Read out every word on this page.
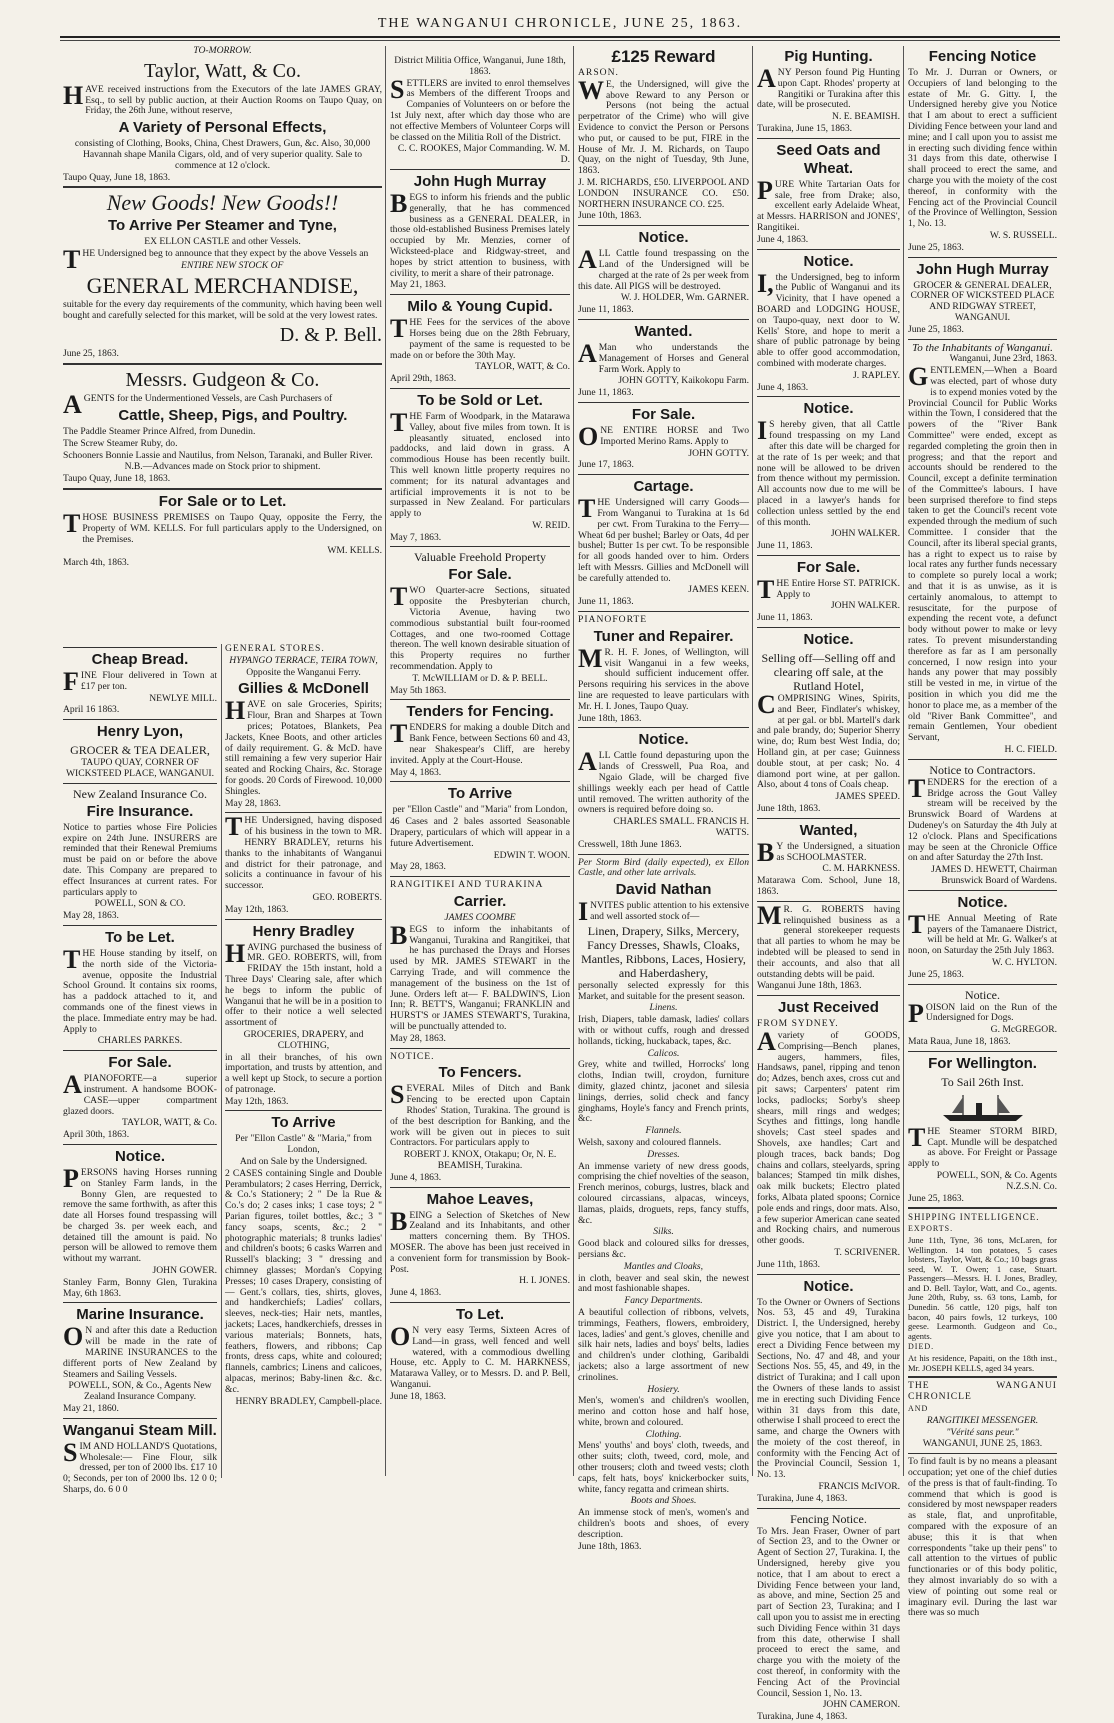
THE WANGANUI CHRONICLE, JUNE 25, 1863.

TO-MORROW.

Taylor, Watt, & Co.

HAVE received instructions from the Executors of the late JAMES GRAY, Esq., to sell by public auction, at their Auction Rooms on Taupo Quay, on Friday, the 26th June, without reserve,

A Variety of Personal Effects,

consisting of Clothing, Books, China, Chest Drawers, Gun, &c. Also, 30,000 Havannah shape Manila Cigars, old, and of very superior quality. Sale to commence at 12 o'clock.

Taupo Quay, June 18, 1863.

New Goods! New Goods!!
To Arrive Per Steamer and Tyne,

EX ELLON CASTLE and other Vessels.

THE Undersigned beg to announce that they expect by the above Vessels an

ENTIRE NEW STOCK OF

GENERAL MERCHANDISE,

suitable for the every day requirements of the community, which having been well bought and carefully selected for this market, will be sold at the very lowest rates.

D. & P. Bell.

June 25, 1863.

Messrs. Gudgeon & Co.

AGENTS for the Undermentioned Vessels, are Cash Purchasers of

Cattle, Sheep, Pigs, and Poultry.

The Paddle Steamer Prince Alfred, from Dunedin.

The Screw Steamer Ruby, do.

Schooners Bonnie Lassie and Nautilus, from Nelson, Taranaki, and Buller River.

N.B.—Advances made on Stock prior to shipment.

Taupo Quay, June 18, 1863.

For Sale or to Let.

THOSE BUSINESS PREMISES on Taupo Quay, opposite the Ferry, the Property of WM. KELLS. For full particulars apply to the Undersigned, on the Premises.

WM. KELLS.

March 4th, 1863.

Cheap Bread.

FINE Flour delivered in Town at £17 per ton.

NEWLYE MILL.

April 16 1863.

Henry Lyon,
GROCER & TEA DEALER,

TAUPO QUAY, CORNER OF WICKSTEED PLACE, WANGANUI.

New Zealand Insurance Co.
Fire Insurance.

Notice to parties whose Fire Policies expire on 24th June. INSURERS are reminded that their Renewal Premiums must be paid on or before the above date. This Company are prepared to effect Insurances at current rates. For particulars apply to

POWELL, SON & CO.

May 28, 1863.

To be Let.

THE House standing by itself, on the north side of the Victoria-avenue, opposite the Industrial School Ground. It contains six rooms, has a paddock attached to it, and commands one of the finest views in the place. Immediate entry may be had. Apply to

CHARLES PARKES.

For Sale.

APIANOFORTE—a superior instrument. A handsome BOOK-CASE—upper compartment glazed doors.

TAYLOR, WATT, & Co.

April 30th, 1863.

Notice.

PERSONS having Horses running on Stanley Farm lands, in the Bonny Glen, are requested to remove the same forthwith, as after this date all Horses found trespassing will be charged 3s. per week each, and detained till the amount is paid. No person will be allowed to remove them without my warrant.

JOHN GOWER.

Stanley Farm, Bonny Glen, Turakina May, 6th 1863.

Marine Insurance.

ON and after this date a Reduction will be made in the rate of MARINE INSURANCES to the different ports of New Zealand by Steamers and Sailing Vessels.

POWELL, SON, & Co., Agents New Zealand Insurance Company.

May 21, 1860.

Wanganui Steam Mill.

SIM AND HOLLAND'S Quotations, Wholesale:— Fine Flour, silk dressed, per ton of 2000 lbs. £17 10 0; Seconds, per ton of 2000 lbs. 12 0 0; Sharps, do. 6 0 0

GENERAL STORES.

HYPANGO TERRACE, TEIRA TOWN,

Opposite the Wanganui Ferry.

Gillies & McDonell

HAVE on sale Groceries, Spirits; Flour, Bran and Sharpes at Town prices; Potatoes, Blankets, Pea Jackets, Knee Boots, and other articles of daily requirement. G. & McD. have still remaining a few very superior Hair seated and Rocking Chairs, &c. Storage for goods. 20 Cords of Firewood. 10,000 Shingles.

May 28, 1863.

THE Undersigned, having disposed of his business in the town to MR. HENRY BRADLEY, returns his thanks to the inhabitants of Wanganui and district for their patronage, and solicits a continuance in favour of his successor.

GEO. ROBERTS.

May 12th, 1863.

Henry Bradley

HAVING purchased the business of MR. GEO. ROBERTS, will, from FRIDAY the 15th instant, hold a Three Days' Clearing sale, after which he begs to inform the public of Wanganui that he will be in a position to offer to their notice a well selected assortment of

GROCERIES, DRAPERY, and CLOTHING,

in all their branches, of his own importation, and trusts by attention, and a well kept up Stock, to secure a portion of patronage.

May 12th, 1863.

To Arrive

Per "Ellon Castle" & "Maria," from London,

And on Sale by the Undersigned.

2 CASES containing Single and Double Perambulators; 2 cases Herring, Derrick, & Co.'s Stationery; 2 " De la Rue & Co.'s do; 2 cases inks; 1 case toys; 2 " Parian figures, toilet bottles, &c.; 3 " fancy soaps, scents, &c.; 2 " photographic materials; 8 trunks ladies' and children's boots; 6 casks Warren and Russell's blacking; 3 " dressing and chimney glasses; Mordan's Copying Presses; 10 cases Drapery, consisting of— Gent.'s collars, ties, shirts, gloves, and handkerchiefs; Ladies' collars, sleeves, neck-ties; Hair nets, mantles, jackets; Laces, handkerchiefs, dresses in various materials; Bonnets, hats, feathers, flowers, and ribbons; Cap fronts, dress caps, white and coloured; flannels, cambrics; Linens and calicoes, alpacas, merinos; Baby-linen &c. &c. &c.

HENRY BRADLEY, Campbell-place.

District Militia Office, Wanganui, June 18th, 1863.

SETTLERS are invited to enrol themselves as Members of the different Troops and Companies of Volunteers on or before the 1st July next, after which day those who are not effective Members of Volunteer Corps will be classed on the Militia Roll of the District.

C. C. ROOKES, Major Commanding. W. M. D.

John Hugh Murray

BEGS to inform his friends and the public generally, that he has commenced business as a GENERAL DEALER, in those old-established Business Premises lately occupied by Mr. Menzies, corner of Wicksteed-place and Ridgway-street, and hopes by strict attention to business, with civility, to merit a share of their patronage.

May 21, 1863.

Milo & Young Cupid.

THE Fees for the services of the above Horses being due on the 28th February, payment of the same is requested to be made on or before the 30th May.

TAYLOR, WATT, & Co.

April 29th, 1863.

To be Sold or Let.

THE Farm of Woodpark, in the Matarawa Valley, about five miles from town. It is pleasantly situated, enclosed into paddocks, and laid down in grass. A commodious House has been recently built. This well known little property requires no comment; for its natural advantages and artificial improvements it is not to be surpassed in New Zealand. For particulars apply to

W. REID.

May 7, 1863.

Valuable Freehold Property
For Sale.

TWO Quarter-acre Sections, situated opposite the Presbyterian church, Victoria Avenue, having two commodious substantial built four-roomed Cottages, and one two-roomed Cottage thereon. The well known desirable situation of this Property requires no further recommendation. Apply to

T. McWILLIAM or D. & P. BELL.

May 5th 1863.

Tenders for Fencing.

TENDERS for making a double Ditch and Bank Fence, between Sections 60 and 43, near Shakespear's Cliff, are hereby invited. Apply at the Court-House.

May 4, 1863.

To Arrive

per "Ellon Castle" and "Maria" from London,

46 Cases and 2 bales assorted Seasonable Drapery, particulars of which will appear in a future Advertisement.

EDWIN T. WOON.

May 28, 1863.

RANGITIKEI AND TURAKINA

Carrier.

JAMES COOMBE

BEGS to inform the inhabitants of Wanganui, Turakina and Rangitikei, that he has purchased the Drays and Horses used by MR. JAMES STEWART in the Carrying Trade, and will commence the management of the business on the 1st of June. Orders left at— F. BALDWIN'S, Lion Inn; R. BETT'S, Wanganui; FRANKLIN and HURST'S or JAMES STEWART'S, Turakina, will be punctually attended to.

May 28, 1863.

NOTICE.

To Fencers.

SEVERAL Miles of Ditch and Bank Fencing to be erected upon Captain Rhodes' Station, Turakina. The ground is of the best description for Banking, and the work will be given out in pieces to suit Contractors. For particulars apply to

ROBERT J. KNOX, Otakapu; Or, N. E. BEAMISH, Turakina.

June 4, 1863.

Mahoe Leaves,

BEING a Selection of Sketches of New Zealand and its Inhabitants, and other matters concerning them. By THOS. MOSER. The above has been just received in a convenient form for transmission by Book-Post.

H. I. JONES.

June 4, 1863.

To Let.

ON very easy Terms, Sixteen Acres of Land—in grass, well fenced and well watered, with a commodious dwelling House, etc. Apply to C. M. HARKNESS, Matarawa Valley, or to Messrs. D. and P. Bell, Wanganui.

June 18, 1863.

£125 Reward

ARSON.

WE, the Undersigned, will give the above Reward to any Person or Persons (not being the actual perpetrator of the Crime) who will give Evidence to convict the Person or Persons who put, or caused to be put, FIRE in the House of Mr. J. M. Richards, on Taupo Quay, on the night of Tuesday, 9th June, 1863.

J. M. RICHARDS, £50. LIVERPOOL AND LONDON INSURANCE CO. £50. NORTHERN INSURANCE CO. £25.

June 10th, 1863.

Notice.

ALL Cattle found trespassing on the Land of the Undersigned will be charged at the rate of 2s per week from this date. All PIGS will be destroyed.

W. J. HOLDER, Wm. GARNER.

June 11, 1863.

Wanted.

AMan who understands the Management of Horses and General Farm Work. Apply to

JOHN GOTTY, Kaikokopu Farm.

June 11, 1863.

For Sale.

ONE ENTIRE HORSE and Two Imported Merino Rams. Apply to

JOHN GOTTY.

June 17, 1863.

Cartage.

THE Undersigned will carry Goods—From Wanganui to Turakina at 1s 6d per cwt. From Turakina to the Ferry—Wheat 6d per bushel; Barley or Oats, 4d per bushel; Butter 1s per cwt. To be responsible for all goods handed over to him. Orders left with Messrs. Gillies and McDonell will be carefully attended to.

JAMES KEEN.

June 11, 1863.

PIANOFORTE

Tuner and Repairer.

MR. H. F. Jones, of Wellington, will visit Wanganui in a few weeks, should sufficient inducement offer. Persons requiring his services in the above line are requested to leave particulars with Mr. H. I. Jones, Taupo Quay.

June 18th, 1863.

Notice.

ALL Cattle found depasturing upon the lands of Cresswell, Pua Roa, and Ngaio Glade, will be charged five shillings weekly each per head of Cattle until removed. The written authority of the owners is required before doing so.

CHARLES SMALL. FRANCIS H. WATTS.

Cresswell, 18th June 1863.

Per Storm Bird (daily expected), ex Ellon Castle, and other late arrivals.

David Nathan

INVITES public attention to his extensive and well assorted stock of—

Linen, Drapery, Silks, Mercery, Fancy Dresses, Shawls, Cloaks, Mantles, Ribbons, Laces, Hosiery, and Haberdashery,

personally selected expressly for this Market, and suitable for the present season.

Linens.

Irish, Diapers, table damask, ladies' collars with or without cuffs, rough and dressed hollands, ticking, huckaback, tapes, &c.

Calicos.

Grey, white and twilled, Horrocks' long cloths, Indian twill, croydon, furniture dimity, glazed chintz, jaconet and silesia linings, derries, solid check and fancy ginghams, Hoyle's fancy and French prints, &c.

Flannels.

Welsh, saxony and coloured flannels.

Dresses.

An immense variety of new dress goods, comprising the chief novelties of the season, French merinos, coburgs, lustres, black and coloured circassians, alpacas, winceys, llamas, plaids, droguets, reps, fancy stuffs, &c.

Silks.

Good black and coloured silks for dresses, persians &c.

Mantles and Cloaks,

in cloth, beaver and seal skin, the newest and most fashionable shapes.

Fancy Departments.

A beautiful collection of ribbons, velvets, trimmings, Feathers, flowers, embroidery, laces, ladies' and gent.'s gloves, chenille and silk hair nets, ladies and boys' belts, ladies and children's under clothing, Garibaldi jackets; also a large assortment of new crinolines.

Hosiery.

Men's, women's and children's woollen, merino and cotton hose and half hose, white, brown and coloured.

Clothing.

Mens' youths' and boys' cloth, tweeds, and other suits; cloth, tweed, cord, mole, and other trousers; cloth and tweed vests; cloth caps, felt hats, boys' knickerbocker suits, white, fancy regatta and crimean shirts.

Boots and Shoes.

An immense stock of men's, women's and children's boots and shoes, of every description.

June 18th, 1863.

Pig Hunting.

ANY Person found Pig Hunting upon Capt. Rhodes' property at Rangitiki or Turakina after this date, will be prosecuted.

N. E. BEAMISH.

Turakina, June 15, 1863.

Seed Oats and Wheat.

PURE White Tartarian Oats for sale, free from Drake; also, excellent early Adelaide Wheat, at Messrs. HARRISON and JONES', Rangitikei.

June 4, 1863.

Notice.

I,the Undersigned, beg to inform the Public of Wanganui and its Vicinity, that I have opened a BOARD and LODGING HOUSE, on Taupo-quay, next door to W. Kells' Store, and hope to merit a share of public patronage by being able to offer good accommodation, combined with moderate charges.

J. RAPLEY.

June 4, 1863.

Notice.

IS hereby given, that all Cattle found trespassing on my Land after this date will be charged for at the rate of 1s per week; and that none will be allowed to be driven from thence without my permission. All accounts now due to me will be placed in a lawyer's hands for collection unless settled by the end of this month.

JOHN WALKER.

June 11, 1863.

For Sale.

THE Entire Horse ST. PATRICK. Apply to

JOHN WALKER.

June 11, 1863.

Notice.
Selling off—Selling off and clearing off sale, at the Rutland Hotel,

COMPRISING Wines, Spirits, and Beer, Findlater's whiskey, at per gal. or bbl. Martell's dark and pale brandy, do; Superior Sherry wine, do; Rum best West India, do; Holland gin, at per case; Guinness double stout, at per cask; No. 4 diamond port wine, at per gallon. Also, about 4 tons of Coals cheap.

JAMES SPEED.

June 18th, 1863.

Wanted,

BY the Undersigned, a situation as SCHOOLMASTER.

C. M. HARKNESS.

Matarawa Com. School, June 18, 1863.

MR. G. ROBERTS having relinquished business as a general storekeeper requests that all parties to whom he may be indebted will be pleased to send in their accounts, and also that all outstanding debts will be paid.

Wanganui June 18th, 1863.

Just Received

FROM SYDNEY.

Avariety of GOODS, Comprising—Bench planes, augers, hammers, files, Handsaws, panel, ripping and tenon do; Adzes, bench axes, cross cut and pit saws; Carpenters' patent rim locks, padlocks; Sorby's sheep shears, mill rings and wedges; Scythes and fittings, long handle shovels; Cast steel spades and Shovels, axe handles; Cart and plough traces, back bands; Dog chains and collars, steelyards, spring balances; Stamped tin milk dishes, oak milk buckets; Electro plated forks, Albata plated spoons; Cornice pole ends and rings, door mats. Also, a few superior American cane seated and Rocking chairs, and numerous other goods.

T. SCRIVENER.

June 11th, 1863.

Notice.

To the Owner or Owners of Sections Nos. 53, 45 and 49, Turakina District. I, the Undersigned, hereby give you notice, that I am about to erect a Dividing Fence between my Sections, No. 47 and 48, and your Sections Nos. 55, 45, and 49, in the district of Turakina; and I call upon the Owners of these lands to assist me in erecting such Dividing Fence within 31 days from this date, otherwise I shall proceed to erect the same, and charge the Owners with the moiety of the cost thereof, in conformity with the Fencing Act of the Provincial Council, Session 1, No. 13.

FRANCIS McIVOR.

Turakina, June 4, 1863.

Fencing Notice.

To Mrs. Jean Fraser, Owner of part of Section 23, and to the Owner or Agent of Section 27, Turakina. I, the Undersigned, hereby give you notice, that I am about to erect a Dividing Fence between your land, as above, and mine, Section 25 and part of Section 23, Turakina; and I call upon you to assist me in erecting such Dividing Fence within 31 days from this date, otherwise I shall proceed to erect the same, and charge you with the moiety of the cost thereof, in conformity with the Fencing Act of the Provincial Council, Session 1, No. 13.

JOHN CAMERON.

Turakina, June 4, 1863.

Fencing Notice

To Mr. J. Durran or Owners, or Occupiers of land belonging to the estate of Mr. G. Gitty. I, the Undersigned hereby give you Notice that I am about to erect a sufficient Dividing Fence between your land and mine; and I call upon you to assist me in erecting such dividing fence within 31 days from this date, otherwise I shall proceed to erect the same, and charge you with the moiety of the cost thereof, in conformity with the Fencing act of the Provincial Council of the Province of Wellington, Session 1, No. 13.

W. S. RUSSELL.

June 25, 1863.

John Hugh Murray

GROCER & GENERAL DEALER, CORNER OF WICKSTEED PLACE AND RIDGWAY STREET, WANGANUI.

June 25, 1863.

To the Inhabitants of Wanganui.

Wanganui, June 23rd, 1863.

GENTLEMEN,—When a Board was elected, part of whose duty is to expend monies voted by the Provincial Council for Public Works within the Town, I considered that the powers of the "River Bank Committee" were ended, except as regarded completing the groin then in progress; and that the report and accounts should be rendered to the Council, except a definite termination of the Committee's labours. I have been surprised therefore to find steps taken to get the Council's recent vote expended through the medium of such Committee. I consider that the Council, after its liberal special grants, has a right to expect us to raise by local rates any further funds necessary to complete so purely local a work; and that it is as unwise, as it is certainly anomalous, to attempt to resuscitate, for the purpose of expending the recent vote, a defunct body without power to make or levy rates. To prevent misunderstanding therefore as far as I am personally concerned, I now resign into your hands any power that may possibly still be vested in me, in virtue of the position in which you did me the honor to place me, as a member of the old "River Bank Committee", and remain Gentlemen, Your obedient Servant,

H. C. FIELD.

Notice to Contractors.

TENDERS for the erection of a Bridge across the Gout Valley stream will be received by the Brunswick Board of Wardens at Dudeney's on Saturday the 4th July at 12 o'clock. Plans and Specifications may be seen at the Chronicle Office on and after Saturday the 27th Inst.

JAMES D. HEWETT, Chairman Brunswick Board of Wardens.

Notice.

THE Annual Meeting of Rate payers of the Tamanaere District, will be held at Mr. G. Walker's at noon, on Saturday the 25th July 1863.

W. C. HYLTON.

June 25, 1863.

Notice.

POISON laid on the Run of the Undersigned for Dogs.

G. McGREGOR.

Mata Raua, June 18, 1863.

For Wellington.
To Sail 26th Inst.

THE Steamer STORM BIRD, Capt. Mundle will be despatched as above. For Freight or Passage apply to

POWELL, SON, & Co. Agents N.Z.S.N. Co.

June 25, 1863.

SHIPPING INTELLIGENCE.

EXPORTS.

June 11th, Tyne, 36 tons, McLaren, for Wellington. 14 ton potatoes, 5 cases lobsters, Taylor, Watt, & Co.; 10 bags grass seed, W. T. Owen; 1 case, Stuart. Passengers—Messrs. H. I. Jones, Bradley, and D. Bell. Taylor, Watt, and Co., agents. June 20th, Ruby, ss. 63 tons, Lamb, for Dunedin. 56 cattle, 120 pigs, half ton bacon, 40 pairs fowls, 12 turkeys, 100 geese. Learmonth. Gudgeon and Co., agents.

DIED.

At his residence, Papaiti, on the 18th inst., Mr. JOSEPH KELLS, aged 34 years.

THE WANGANUI CHRONICLE

AND

RANGITIKEI MESSENGER.

"Vérité sans peur."

WANGANUI, JUNE 25, 1863.

To find fault is by no means a pleasant occupation; yet one of the chief duties of the press is that of fault-finding. To commend that which is good is considered by most newspaper readers as stale, flat, and unprofitable, compared with the exposure of an abuse; this it is that when correspondents "take up their pens" to call attention to the virtues of public functionaries or of this body politic, they almost invariably do so with a view of pointing out some real or imaginary evil. During the last war there was so much
